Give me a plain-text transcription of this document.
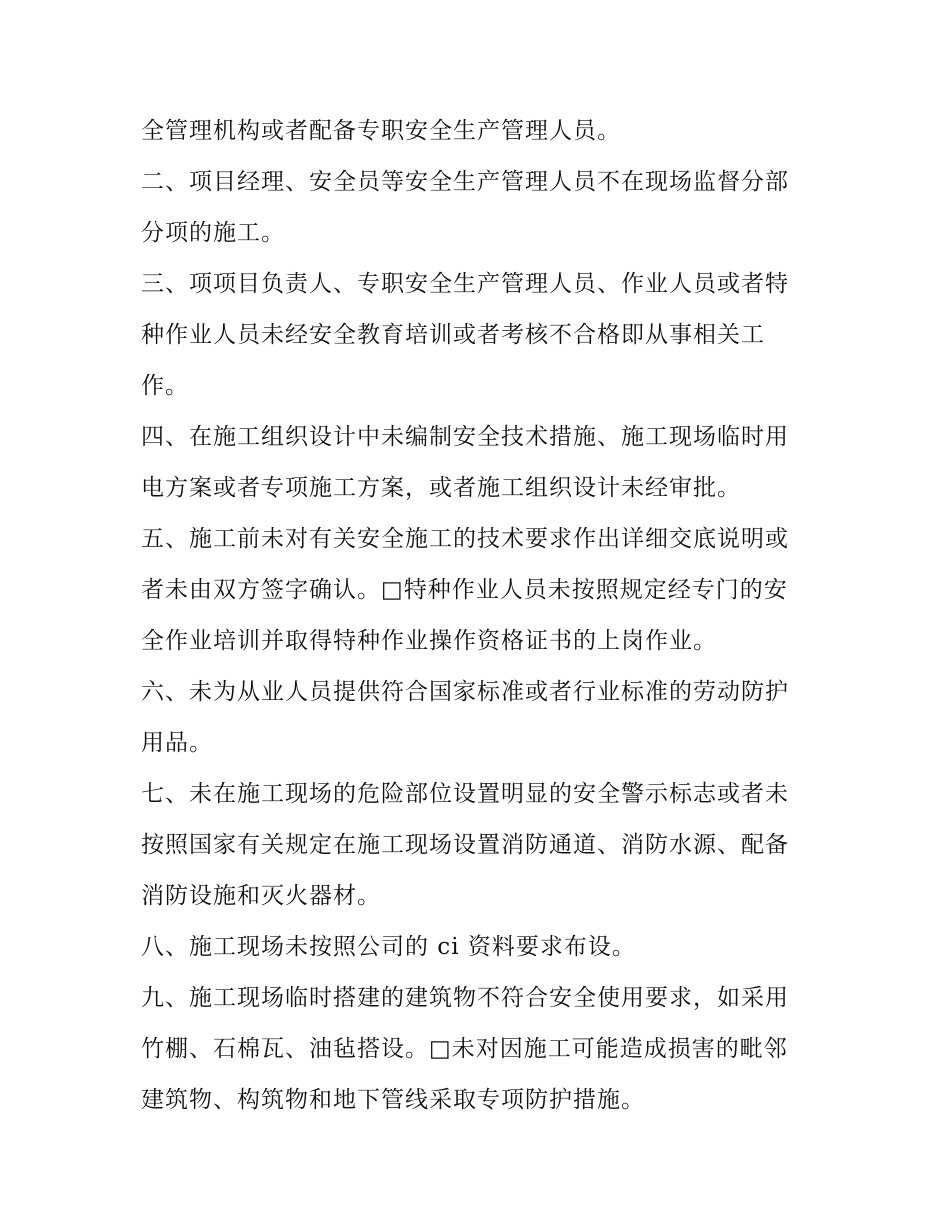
全管理机构或者配备专职安全生产管理人员。
二、项目经理、安全员等安全生产管理人员不在现场监督分部
分项的施工。
三、项项目负责人、专职安全生产管理人员、作业人员或者特
种作业人员未经安全教育培训或者考核不合格即从事相关工
作。
四、在施工组织设计中未编制安全技术措施、施工现场临时用
电方案或者专项施工方案，或者施工组织设计未经审批。
五、施工前未对有关安全施工的技术要求作出详细交底说明或
者未由双方签字确认。□特种作业人员未按照规定经专门的安
全作业培训并取得特种作业操作资格证书的上岗作业。
六、未为从业人员提供符合国家标准或者行业标准的劳动防护
用品。
七、未在施工现场的危险部位设置明显的安全警示标志或者未
按照国家有关规定在施工现场设置消防通道、消防水源、配备
消防设施和灭火器材。
八、施工现场未按照公司的 ci 资料要求布设。
九、施工现场临时搭建的建筑物不符合安全使用要求，如采用
竹棚、石棉瓦、油毡搭设。□未对因施工可能造成损害的毗邻
建筑物、构筑物和地下管线采取专项防护措施。
